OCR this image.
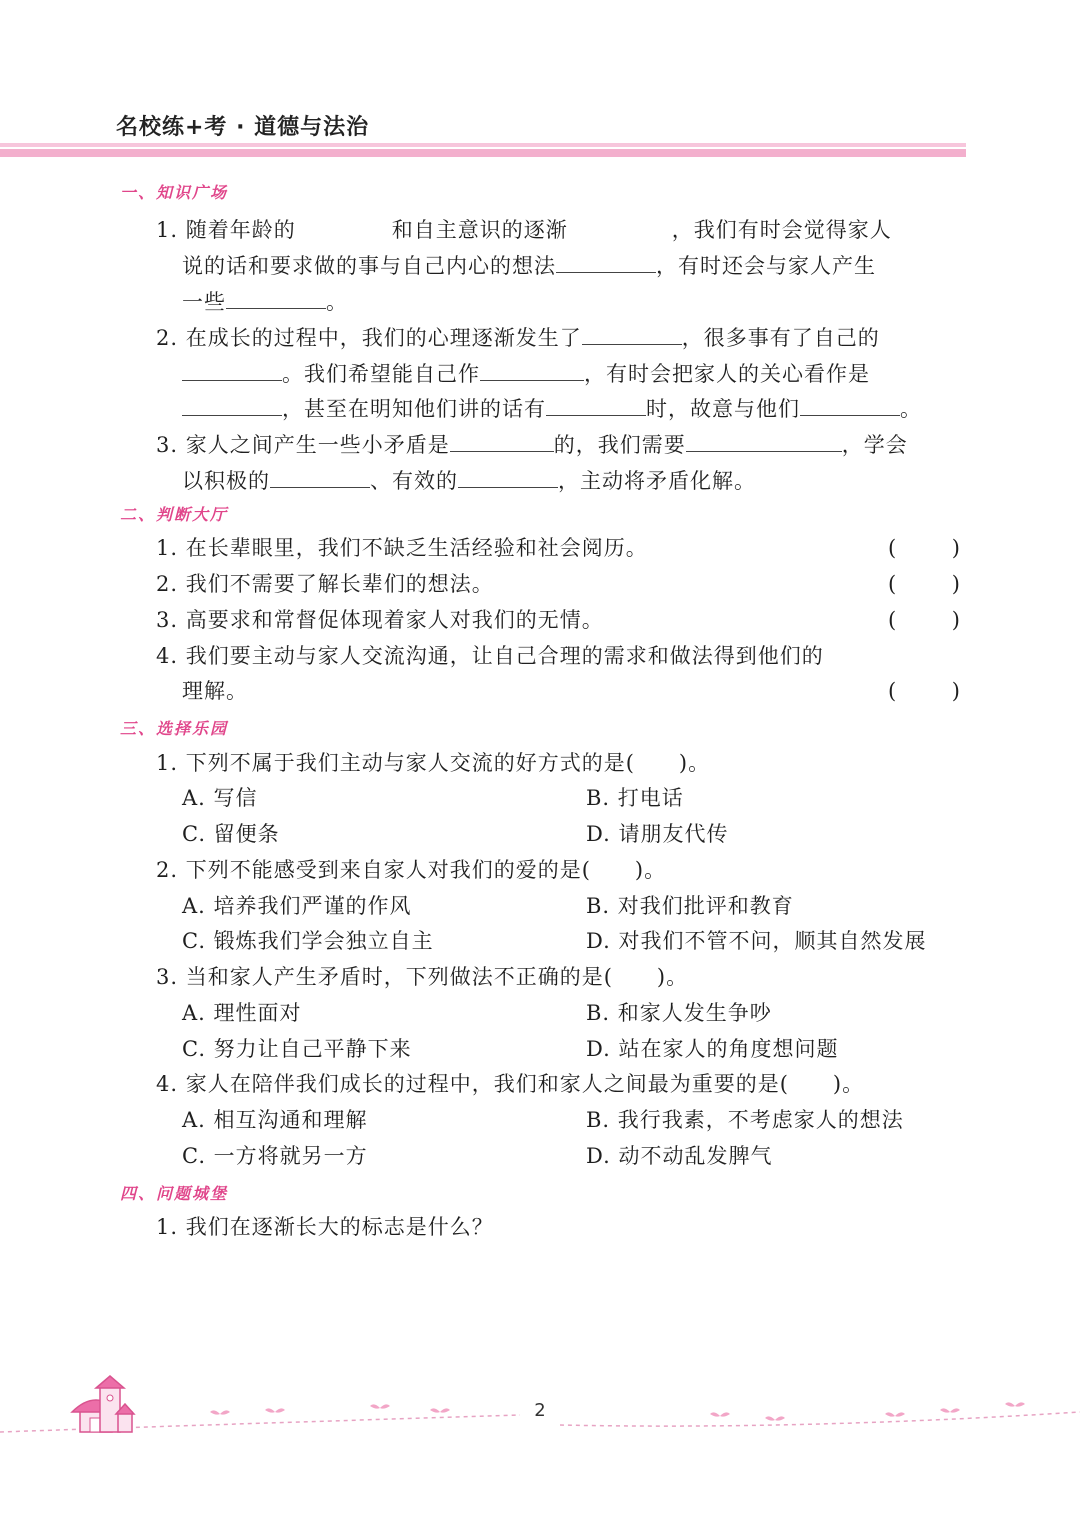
名校练+考 · 道德与法治
一、知识广场
1. 随着年龄的	和自主意识的逐渐	，我们有时会觉得家人
说的话和要求做的事与自己内心的想法	，有时还会与家人产生
一些	。
2. 在成长的过程中，我们的心理逐渐发生了	，很多事有了自己的
。我们希望能自己作	，有时会把家人的关心看作是
，甚至在明知他们讲的话有	时，故意与他们	。
3. 家人之间产生一些小矛盾是	的，我们需要	，学会
以积极的	、有效的	，主动将矛盾化解。
二、判断大厅
1. 在长辈眼里，我们不缺乏生活经验和社会阅历。	(	)
2. 我们不需要了解长辈们的想法。	(	)
3. 高要求和常督促体现着家人对我们的无情。	(	)
4. 我们要主动与家人交流沟通，让自己合理的需求和做法得到他们的
理解。	(	)
三、选择乐园
1. 下列不属于我们主动与家人交流的好方式的是(　　)。
A. 写信	B. 打电话
C. 留便条	D. 请朋友代传
2. 下列不能感受到来自家人对我们的爱的是(　　)。
A. 培养我们严谨的作风	B. 对我们批评和教育
C. 锻炼我们学会独立自主	D. 对我们不管不问，顺其自然发展
3. 当和家人产生矛盾时，下列做法不正确的是(　　)。
A. 理性面对	B. 和家人发生争吵
C. 努力让自己平静下来	D. 站在家人的角度想问题
4. 家人在陪伴我们成长的过程中，我们和家人之间最为重要的是(　　)。
A. 相互沟通和理解	B. 我行我素，不考虑家人的想法
C. 一方将就另一方	D. 动不动乱发脾气
四、问题城堡
1. 我们在逐渐长大的标志是什么？
2
